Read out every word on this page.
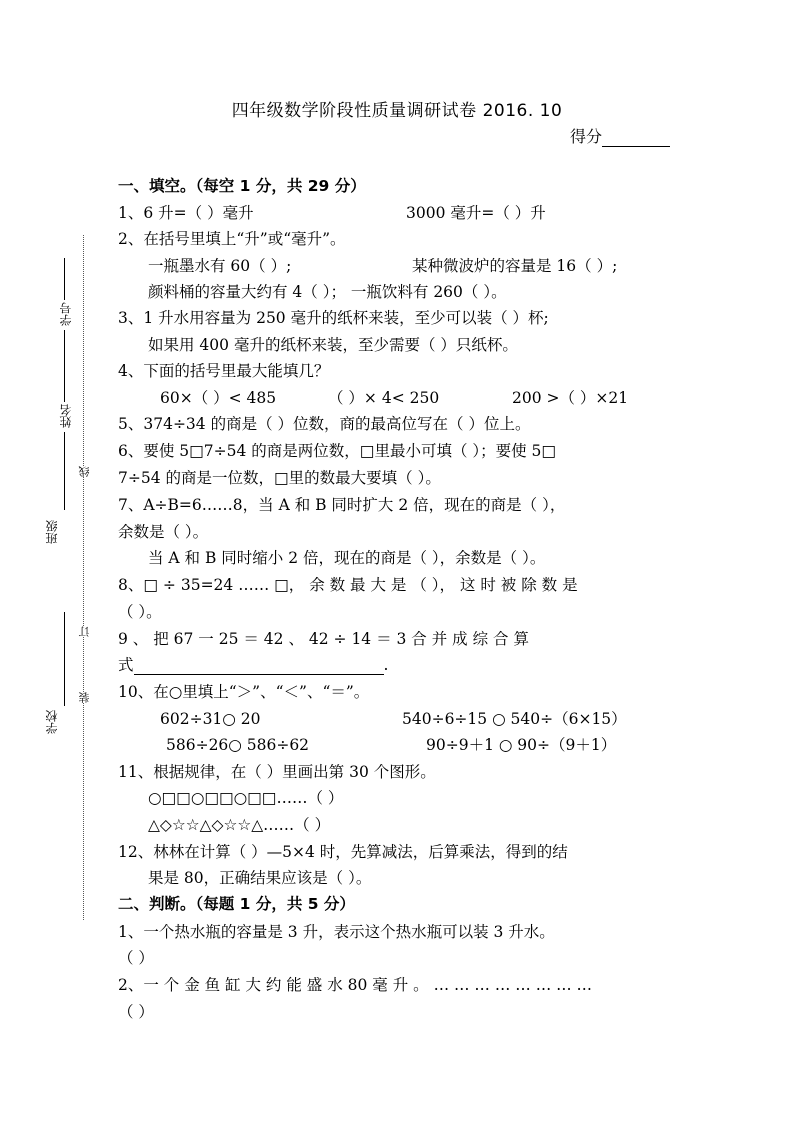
线
订
装
学号
姓名
班级
学校
四年级数学阶段性质量调研试卷 2016. 10
得分
一、填空。（每空 1 分，共 29 分）
1、6 升=（ ）毫升	3000 毫升=（ ）升
2、在括号里填上“升”或“毫升”。
一瓶墨水有 60（ ）;	某种微波炉的容量是 16（ ）;
颜料桶的容量大约有 4（ ）； 一瓶饮料有 260（ ）。
3、1 升水用容量为 250 毫升的纸杯来装，至少可以装（ ）杯;
如果用 400 毫升的纸杯来装，至少需要（ ）只纸杯。
4、下面的括号里最大能填几？
60×（ ）< 485	（ ）× 4< 250	200 >（ ）×21
5、374÷34 的商是（ ）位数，商的最高位写在（ ）位上。
6、要使 5□7÷54 的商是两位数，□里最小可填（ ）；要使 5□
7÷54 的商是一位数，□里的数最大要填（ ）。
7、A÷B=6……8，当 A 和 B 同时扩大 2 倍，现在的商是（ ），
余数是（ ）。
当 A 和 B 同时缩小 2 倍，现在的商是（ ），余数是（ ）。
8、□ ÷ 35=24 …… □， 余 数 最 大 是 （ ）， 这 时 被 除 数 是
（ ）。
9 、 把 67 一 25 ＝ 42 、 42 ÷ 14 ＝ 3 合 并 成 综 合 算
式	.
10、在○里填上“＞”、“＜”、“＝”。
602÷31○ 20	540÷6÷15 ○ 540÷（6×15）
586÷26○ 586÷62	90÷9＋1 ○ 90÷（9＋1）
11、根据规律，在（ ）里画出第 30 个图形。
○□□○□□○□□……（ ）
△◇☆☆△◇☆☆△……（ ）
12、林林在计算（ ）—5×4 时，先算减法，后算乘法，得到的结
果是 80，正确结果应该是（ ）。
二、判断。（每题 1 分，共 5 分）
1、一个热水瓶的容量是 3 升，表示这个热水瓶可以装 3 升水。
（ ）
2、一 个 金 鱼 缸 大 约 能 盛 水 80 毫 升 。 … … … … … … … …
（ ）
